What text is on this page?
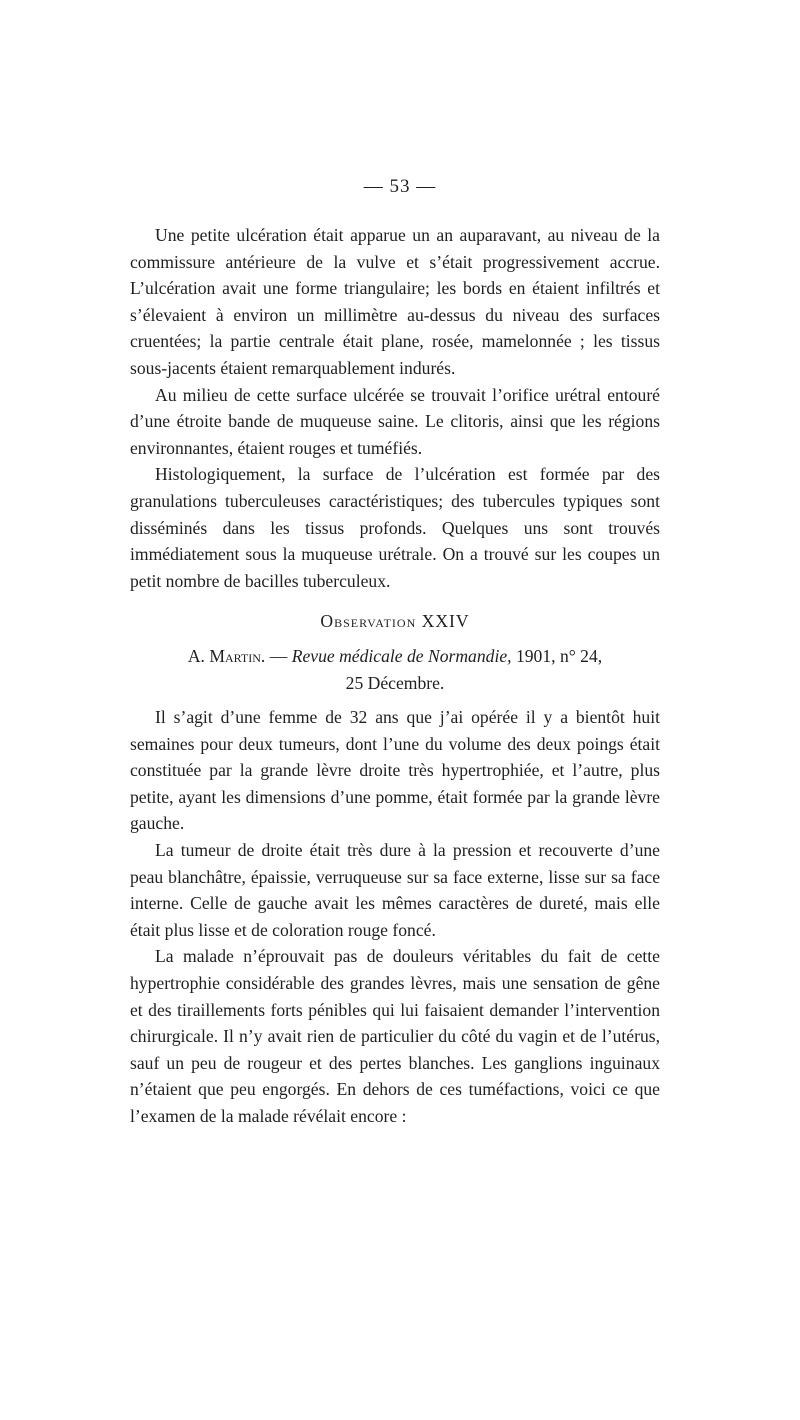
— 53 —

Une petite ulcération était apparue un an auparavant, au niveau de la commissure antérieure de la vulve et s’était progressivement accrue. L’ulcération avait une forme triangulaire; les bords en étaient infiltrés et s’élevaient à environ un millimètre au-dessus du niveau des surfaces cruentées; la partie centrale était plane, rosée, mamelonnée ; les tissus sous-jacents étaient remarquablement indurés.

Au milieu de cette surface ulcérée se trouvait l’orifice urétral entouré d’une étroite bande de muqueuse saine. Le clitoris, ainsi que les régions environnantes, étaient rouges et tuméfiés.

Histologiquement, la surface de l’ulcération est formée par des granulations tuberculeuses caractéristiques; des tubercules typiques sont disséminés dans les tissus profonds. Quelques uns sont trouvés immédiatement sous la muqueuse urétrale. On a trouvé sur les coupes un petit nombre de bacilles tuberculeux.

Observation XXIV

A. Martin. — Revue médicale de Normandie, 1901, n° 24,
25 Décembre.

Il s’agit d’une femme de 32 ans que j’ai opérée il y a bientôt huit semaines pour deux tumeurs, dont l’une du volume des deux poings était constituée par la grande lèvre droite très hypertrophiée, et l’autre, plus petite, ayant les dimensions d’une pomme, était formée par la grande lèvre gauche.

La tumeur de droite était très dure à la pression et recouverte d’une peau blanchâtre, épaissie, verruqueuse sur sa face externe, lisse sur sa face interne. Celle de gauche avait les mêmes caractères de dureté, mais elle était plus lisse et de coloration rouge foncé.

La malade n’éprouvait pas de douleurs véritables du fait de cette hypertrophie considérable des grandes lèvres, mais une sensation de gêne et des tiraillements forts pénibles qui lui faisaient demander l’intervention chirurgicale. Il n’y avait rien de particulier du côté du vagin et de l’utérus, sauf un peu de rougeur et des pertes blanches. Les ganglions inguinaux n’étaient que peu engorgés. En dehors de ces tuméfactions, voici ce que l’examen de la malade révélait encore :
